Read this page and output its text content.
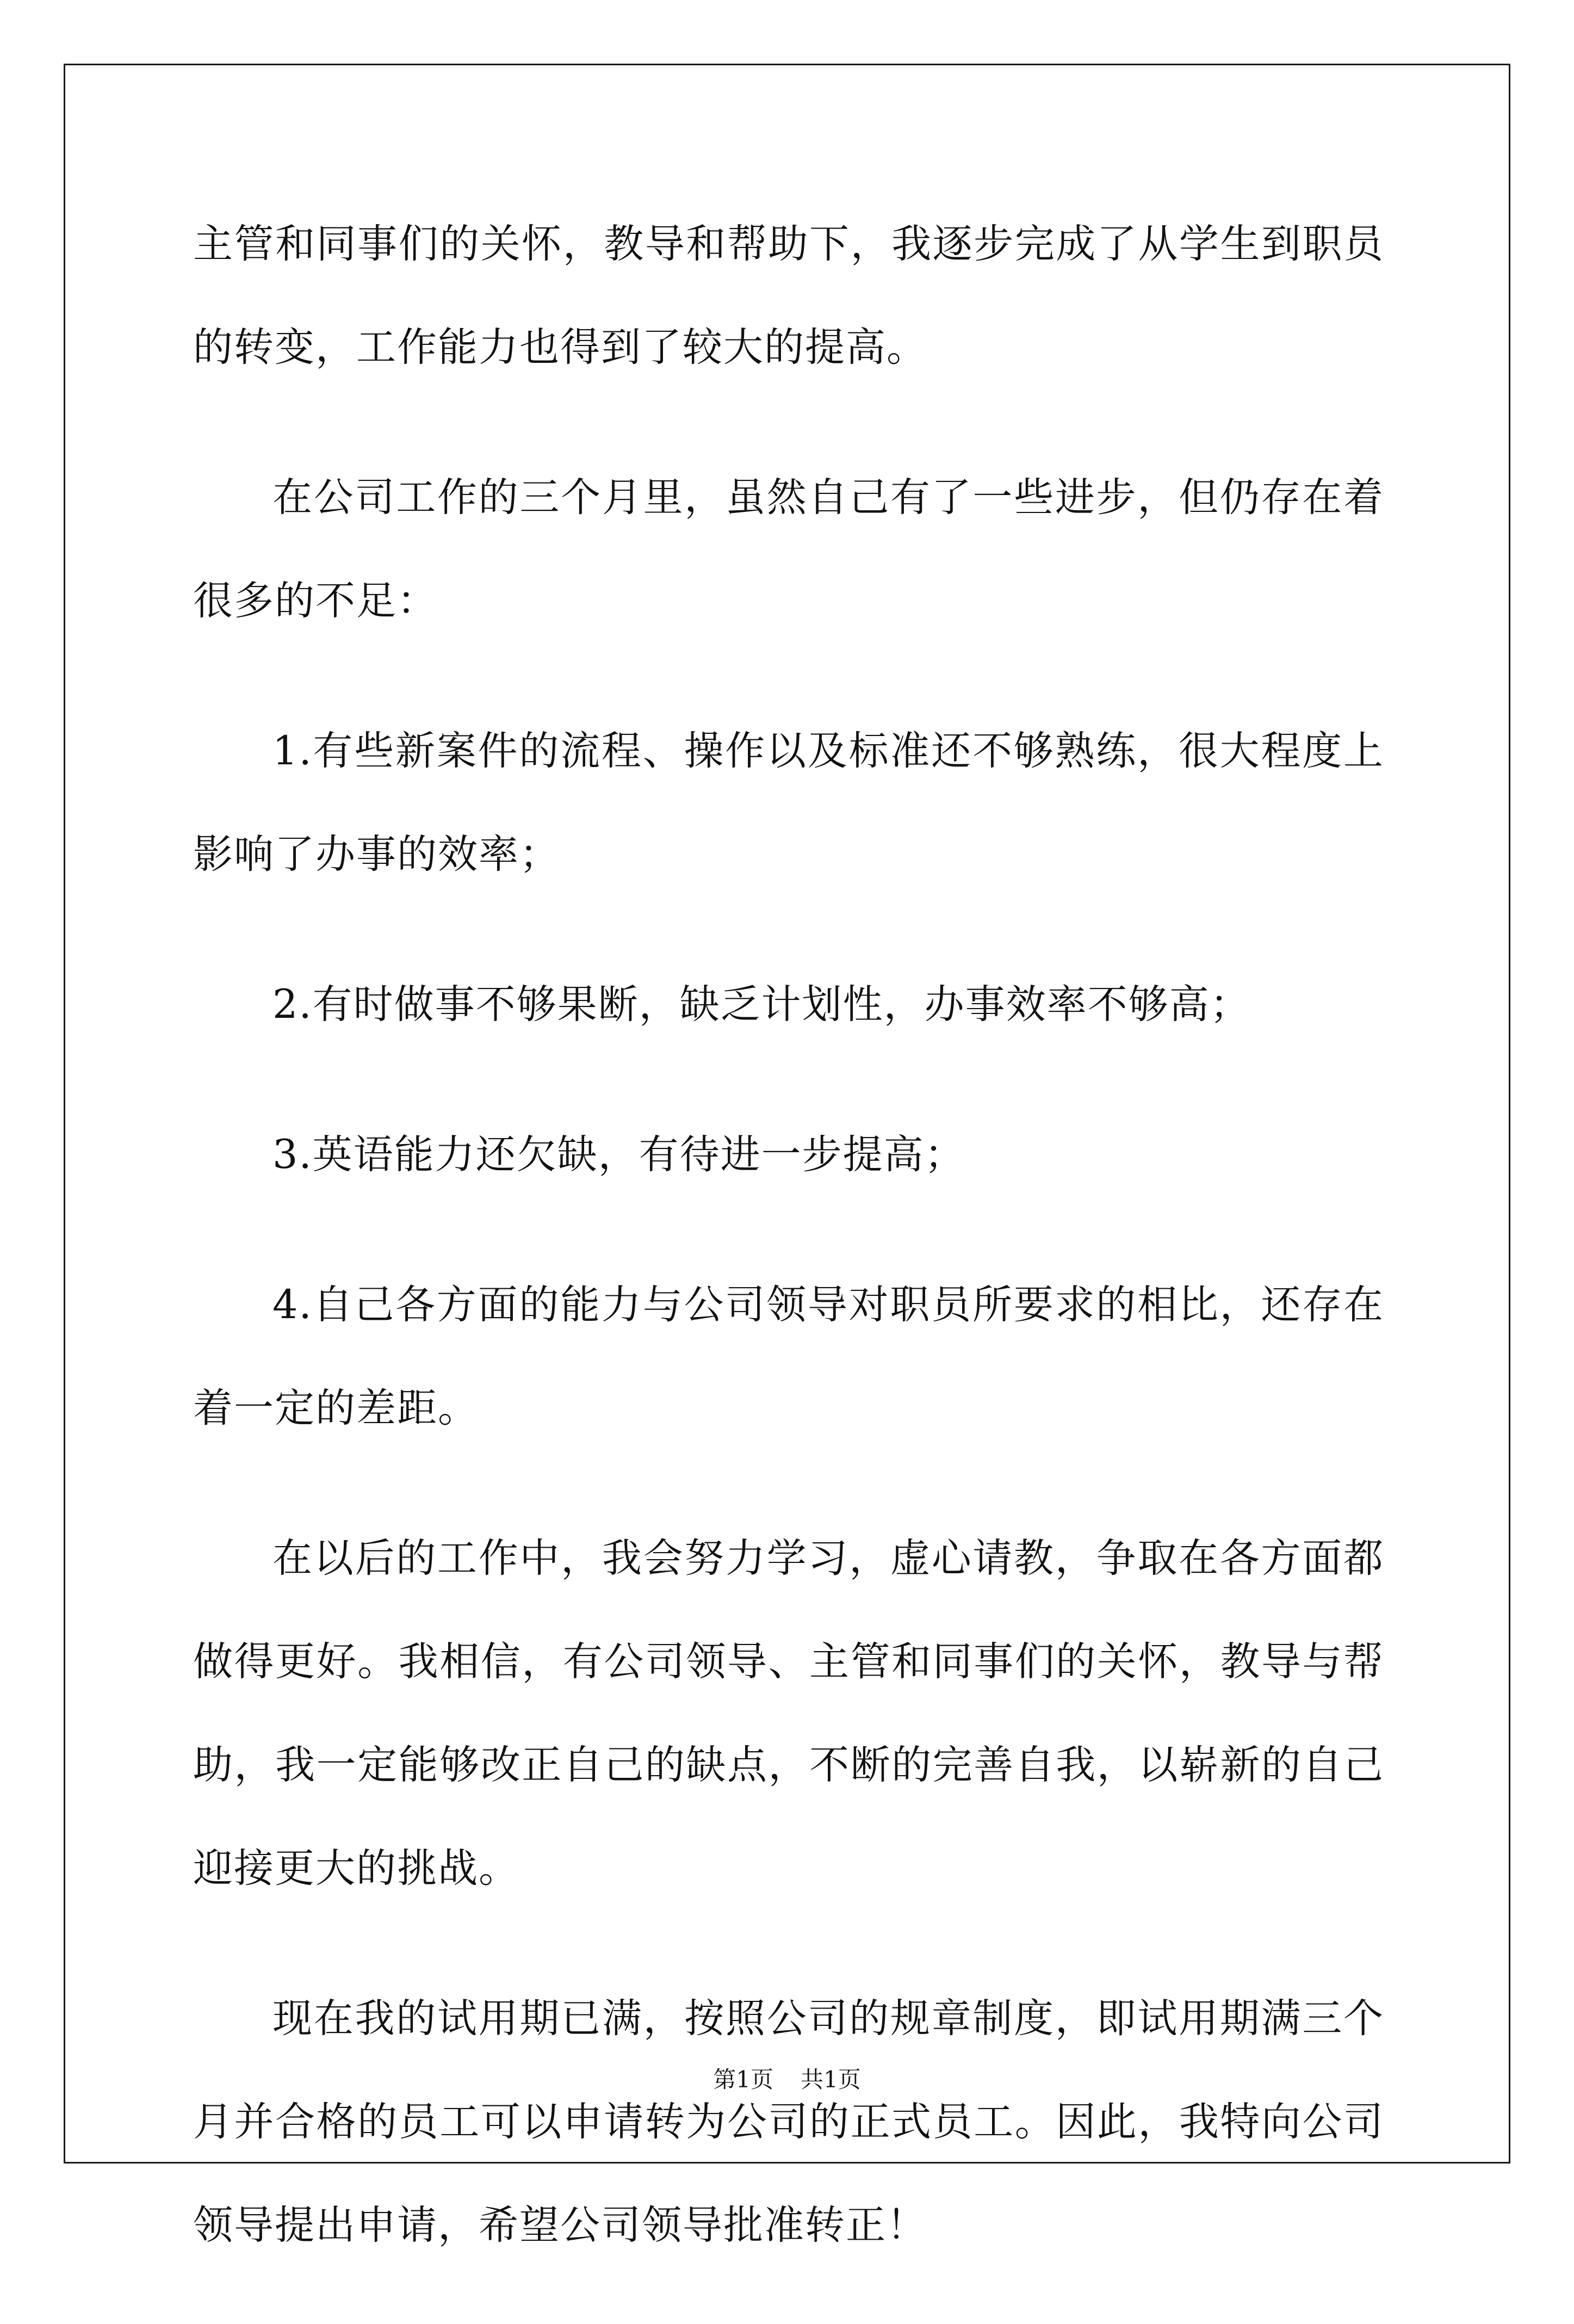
主管和同事们的关怀，教导和帮助下，我逐步完成了从学生到职员的转变，工作能力也得到了较大的提高。

在公司工作的三个月里，虽然自己有了一些进步，但仍存在着很多的不足：

1.有些新案件的流程、操作以及标准还不够熟练，很大程度上影响了办事的效率；

2.有时做事不够果断，缺乏计划性，办事效率不够高；

3.英语能力还欠缺，有待进一步提高；

4.自己各方面的能力与公司领导对职员所要求的相比，还存在着一定的差距。

在以后的工作中，我会努力学习，虚心请教，争取在各方面都做得更好。我相信，有公司领导、主管和同事们的关怀，教导与帮助，我一定能够改正自己的缺点，不断的完善自我，以崭新的自己迎接更大的挑战。

现在我的试用期已满，按照公司的规章制度，即试用期满三个月并合格的员工可以申请转为公司的正式员工。因此，我特向公司领导提出申请，希望公司领导批准转正！

第1页 共1页
